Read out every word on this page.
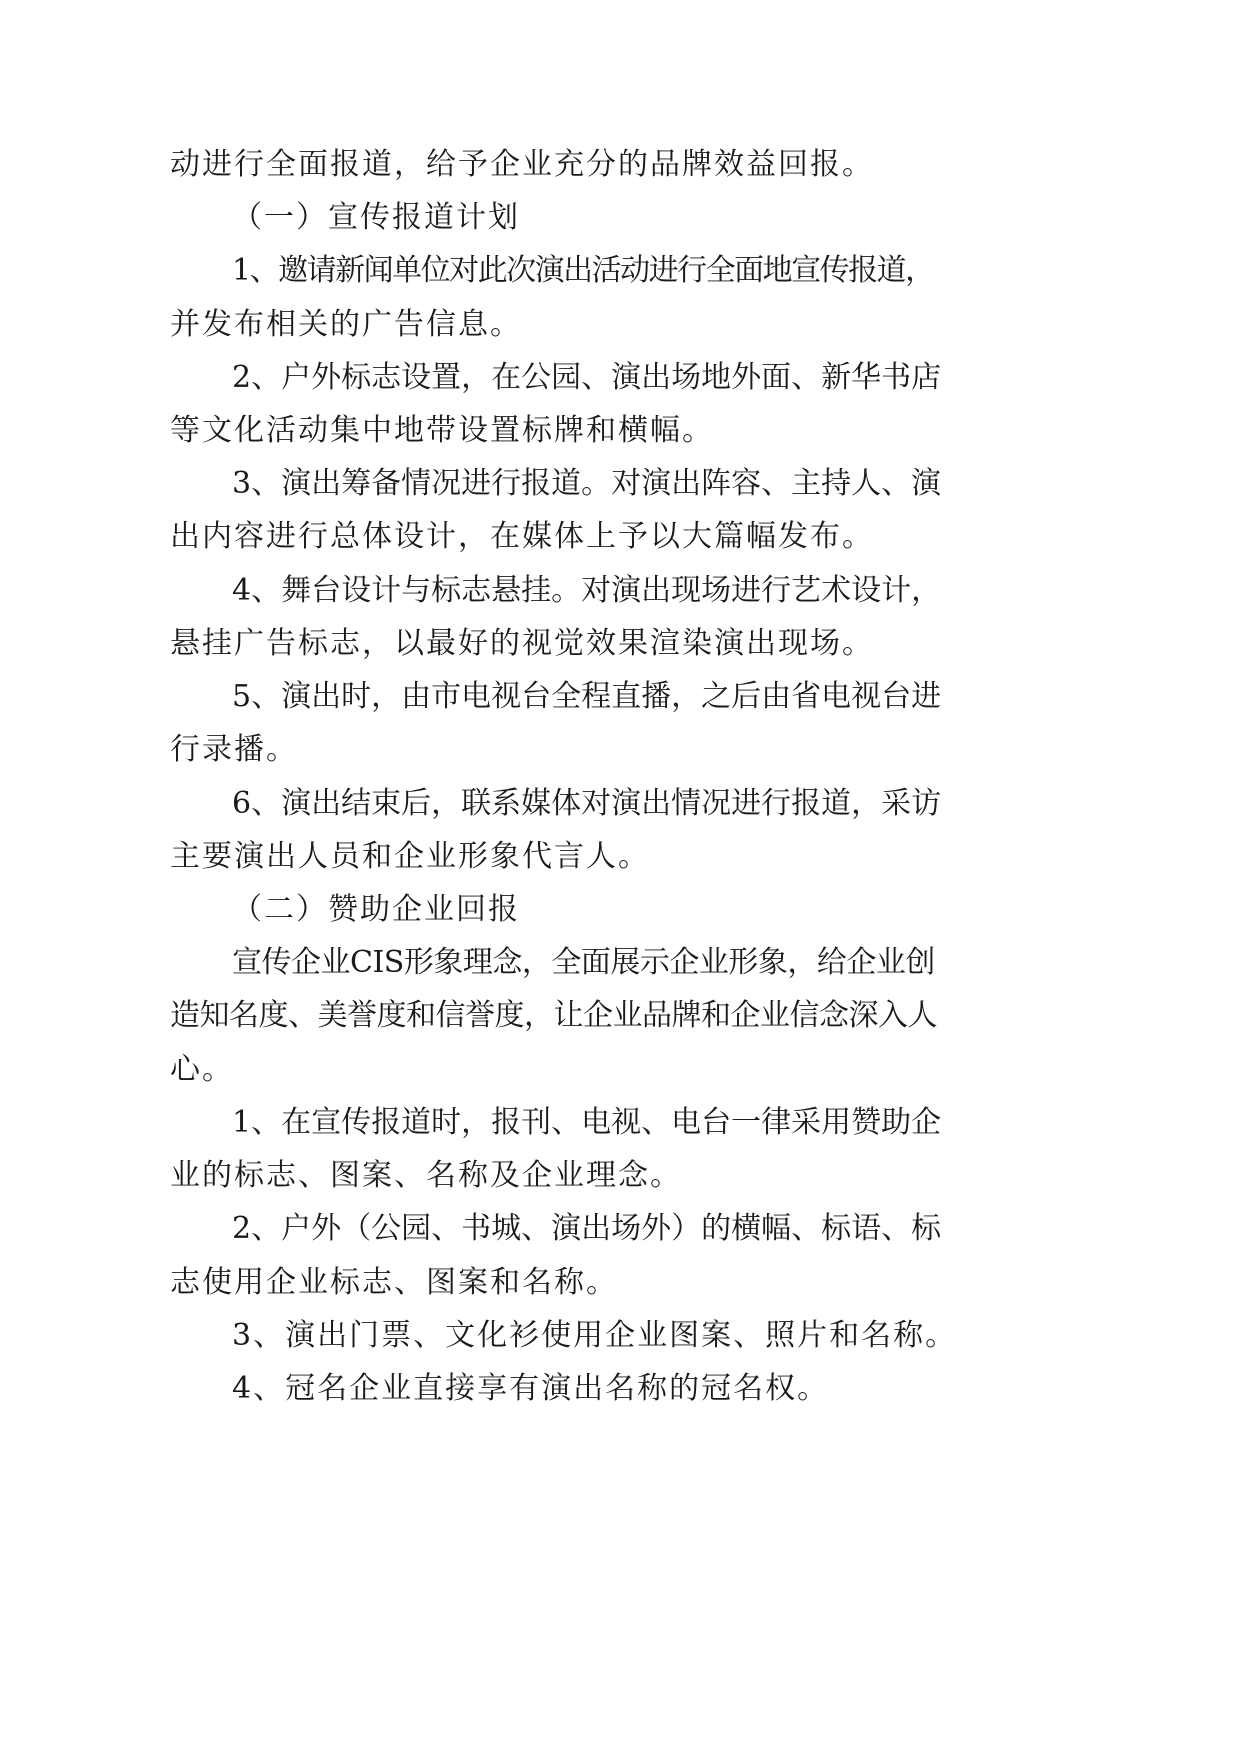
动进行全面报道，给予企业充分的品牌效益回报。

（一）宣传报道计划

1、邀请新闻单位对此次演出活动进行全面地宣传报道，

并发布相关的广告信息。

2、户外标志设置，在公园、演出场地外面、新华书店

等文化活动集中地带设置标牌和横幅。

3、演出筹备情况进行报道。对演出阵容、主持人、演

出内容进行总体设计，在媒体上予以大篇幅发布。

4、舞台设计与标志悬挂。对演出现场进行艺术设计，

悬挂广告标志，以最好的视觉效果渲染演出现场。

5、演出时，由市电视台全程直播，之后由省电视台进

行录播。

6、演出结束后，联系媒体对演出情况进行报道，采访

主要演出人员和企业形象代言人。

（二）赞助企业回报

宣传企业CIS形象理念，全面展示企业形象，给企业创

造知名度、美誉度和信誉度，让企业品牌和企业信念深入人

心。

1、在宣传报道时，报刊、电视、电台一律采用赞助企

业的标志、图案、名称及企业理念。

2、户外（公园、书城、演出场外）的横幅、标语、标

志使用企业标志、图案和名称。

3、演出门票、文化衫使用企业图案、照片和名称。

4、冠名企业直接享有演出名称的冠名权。
